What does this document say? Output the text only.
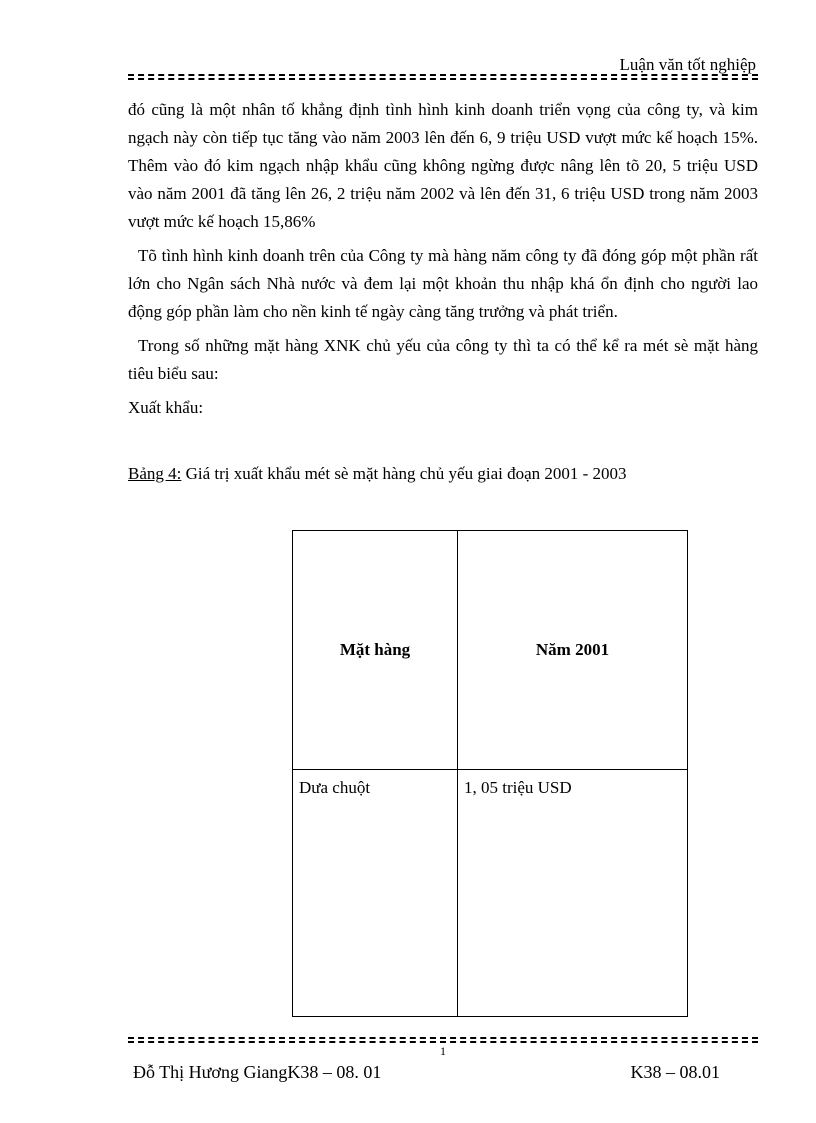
Luận văn tốt nghiệp

đó cũng là một nhân tố khẳng định tình hình kinh doanh triển vọng của công ty, và kim ngạch này còn tiếp tục tăng vào năm 2003 lên đến 6, 9 triệu USD vượt mức kế hoạch 15%. Thêm vào đó kim ngạch nhập khẩu cũng không ngừng được nâng lên tõ 20, 5 triệu USD vào năm 2001 đã tăng lên 26, 2 triệu năm 2002 và lên đến 31, 6 triệu USD trong năm 2003 vượt mức kế hoạch 15,86%

Tõ tình hình kinh doanh trên của Công ty mà hàng năm công ty đã đóng góp một phần rất lớn cho Ngân sách Nhà nước và đem lại một khoản thu nhập khá ổn định cho người lao động góp phần làm cho nền kinh tế ngày càng tăng trưởng và phát triển.

Trong số những mặt hàng XNK chủ yếu của công ty thì ta có thể kể ra mét sè mặt hàng tiêu biểu sau:

Xuất khẩu:

Bảng 4: Giá trị xuất khẩu mét sè mặt hàng chủ yếu giai đoạn 2001 - 2003
Mặt hàng	Năm 2001
Dưa chuột	1, 05 triệu USD
1
Đỗ Thị Hương GiangK38 – 08. 01	K38 – 08.01
